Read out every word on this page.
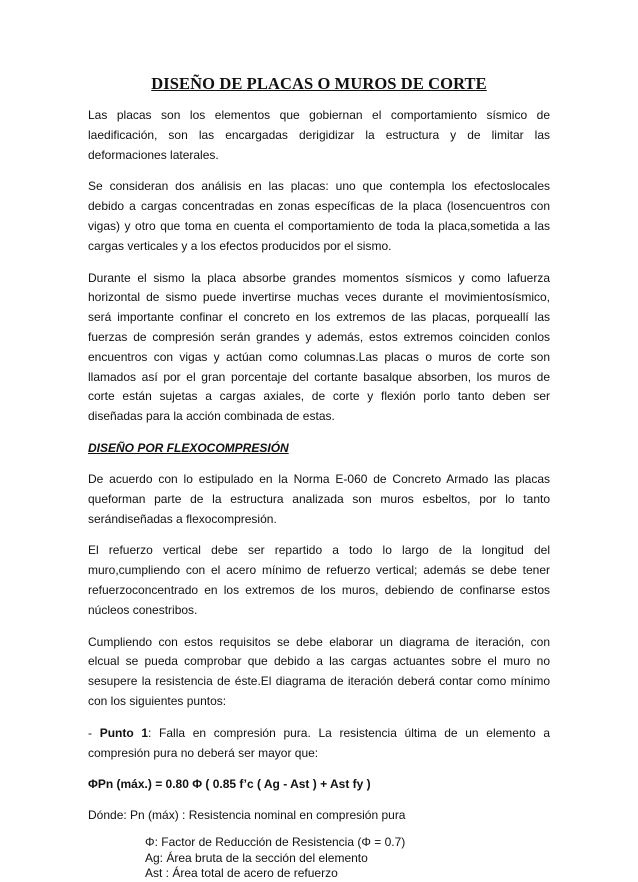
DISEÑO DE PLACAS O MUROS DE CORTE

Las placas son los elementos que gobiernan el comportamiento sísmico de laedificación, son las encargadas derigidizar la estructura y de limitar las deformaciones laterales.

Se consideran dos análisis en las placas: uno que contempla los efectoslocales debido a cargas concentradas en zonas específicas de la placa (losencuentros con vigas) y otro que toma en cuenta el comportamiento de toda la placa,sometida a las cargas verticales y a los efectos producidos por el sismo.

Durante el sismo la placa absorbe grandes momentos sísmicos y como lafuerza horizontal de sismo puede invertirse muchas veces durante el movimientosísmico, será importante confinar el concreto en los extremos de las placas, porqueallí las fuerzas de compresión serán grandes y además, estos extremos coinciden conlos encuentros con vigas y actúan como columnas.Las placas o muros de corte son llamados así por el gran porcentaje del cortante basalque absorben, los muros de corte están sujetas a cargas axiales, de corte y flexión porlo tanto deben ser diseñadas para la acción combinada de estas.

DISEÑO POR FLEXOCOMPRESIÓN

De acuerdo con lo estipulado en la Norma E-060 de Concreto Armado las placas queforman parte de la estructura analizada son muros esbeltos, por lo tanto serándiseñadas a flexocompresión.

El refuerzo vertical debe ser repartido a todo lo largo de la longitud del muro,cumpliendo con el acero mínimo de refuerzo vertical; además se debe tener refuerzoconcentrado en los extremos de los muros, debiendo de confinarse estos núcleos conestribos.

Cumpliendo con estos requisitos se debe elaborar un diagrama de iteración, con elcual se pueda comprobar que debido a las cargas actuantes sobre el muro no sesupere la resistencia de éste.El diagrama de iteración deberá contar como mínimo con los siguientes puntos:

- Punto 1: Falla en compresión pura. La resistencia última de un elemento a compresión pura no deberá ser mayor que:

ΦPn (máx.) = 0.80 Φ ( 0.85 f’c ( Ag - Ast ) + Ast fy )
Dónde: Pn (máx) : Resistencia nominal en compresión pura
Φ: Factor de Reducción de Resistencia (Φ = 0.7)
Ag: Área bruta de la sección del elemento
Ast : Área total de acero de refuerzo
